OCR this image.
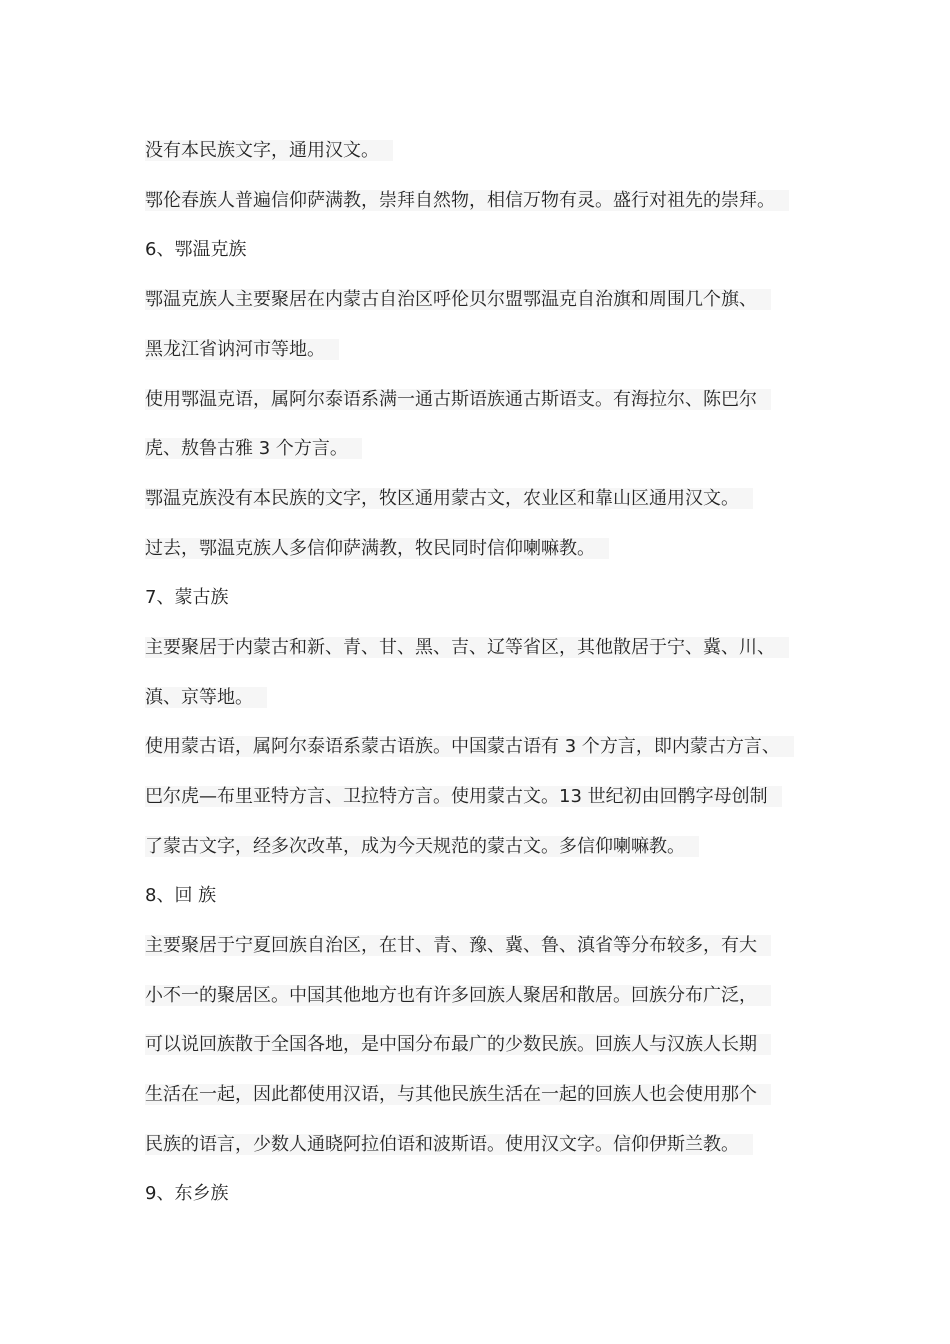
没有本民族文字，通用汉文。
鄂伦春族人普遍信仰萨满教，崇拜自然物，相信万物有灵。盛行对祖先的崇拜。
6、鄂温克族
鄂温克族人主要聚居在内蒙古自治区呼伦贝尔盟鄂温克自治旗和周围几个旗、
黑龙江省讷河市等地。
使用鄂温克语，属阿尔泰语系满一通古斯语族通古斯语支。有海拉尔、陈巴尔
虎、敖鲁古雅 3 个方言。
鄂温克族没有本民族的文字，牧区通用蒙古文，农业区和靠山区通用汉文。
过去，鄂温克族人多信仰萨满教，牧民同时信仰喇嘛教。
7、蒙古族
主要聚居于内蒙古和新、青、甘、黑、吉、辽等省区，其他散居于宁、冀、川、
滇、京等地。
使用蒙古语，属阿尔泰语系蒙古语族。中国蒙古语有 3 个方言，即内蒙古方言、
巴尔虎—布里亚特方言、卫拉特方言。使用蒙古文。13 世纪初由回鹘字母创制
了蒙古文字，经多次改革，成为今天规范的蒙古文。多信仰喇嘛教。
8、回 族
主要聚居于宁夏回族自治区，在甘、青、豫、冀、鲁、滇省等分布较多，有大
小不一的聚居区。中国其他地方也有许多回族人聚居和散居。回族分布广泛，
可以说回族散于全国各地，是中国分布最广的少数民族。回族人与汉族人长期
生活在一起，因此都使用汉语，与其他民族生活在一起的回族人也会使用那个
民族的语言，少数人通晓阿拉伯语和波斯语。使用汉文字。信仰伊斯兰教。
9、东乡族
